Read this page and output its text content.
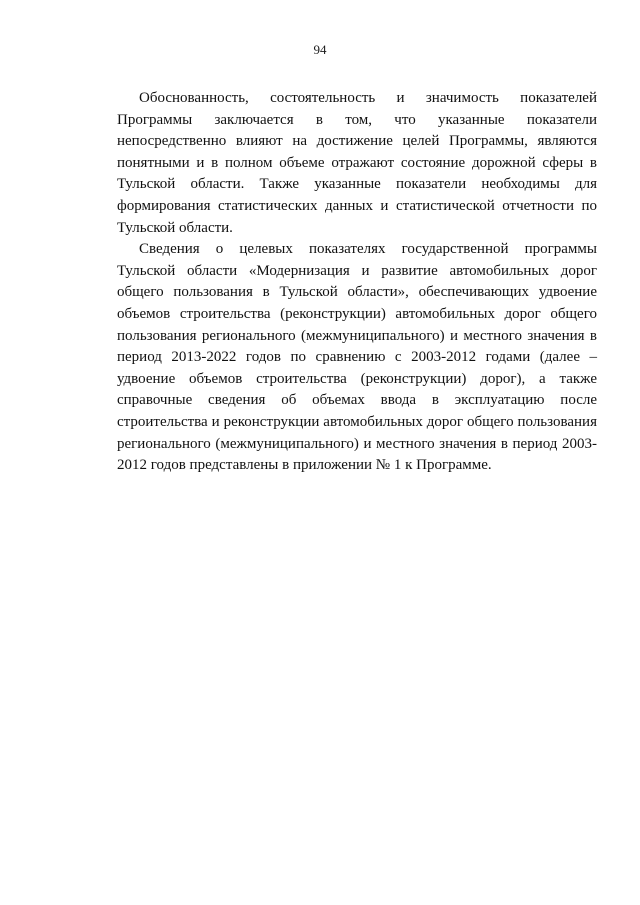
94

Обоснованность, состоятельность и значимость показателей Программы заключается в том, что указанные показатели непосредственно влияют на достижение целей Программы, являются понятными и в полном объеме отражают состояние дорожной сферы в Тульской области. Также указанные показатели необходимы для формирования статистических данных и статистической отчетности по Тульской области.

Сведения о целевых показателях государственной программы Тульской области «Модернизация и развитие автомобильных дорог общего пользования в Тульской области», обеспечивающих удвоение объемов строительства (реконструкции) автомобильных дорог общего пользования регионального (межмуниципального) и местного значения в период 2013-2022 годов по сравнению с 2003-2012 годами (далее – удвоение объемов строительства (реконструкции) дорог), а также справочные сведения об объемах ввода в эксплуатацию после строительства и реконструкции автомобильных дорог общего пользования регионального (межмуниципального) и местного значения в период 2003-2012 годов представлены в приложении № 1 к Программе.
